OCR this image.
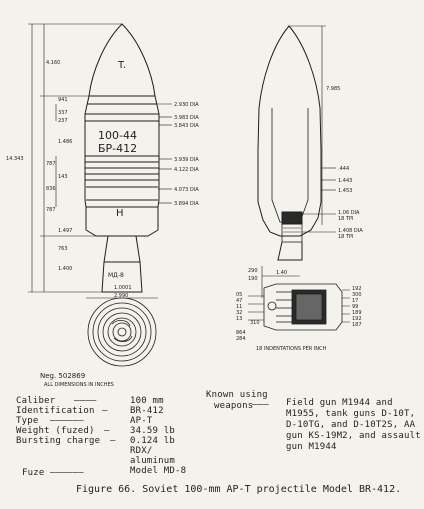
T.
100-44
БР-412
H
MД-8
1.0001
4.160
941
337
237
1.486
14.343
787
143
836
787
1.497
763
1.400
2.990
2.930 DIA
3.983 DIA
3.843 DIA
3.939 DIA
4.122 DIA
4.073 DIA
3.894 DIA
7.985
.444
1.443
1.453
1.06 DIA
18 TPI
1.408 DIA
18 TPI
290
190
1.40
05
47
11
32
13
310
864
284
192
300
17
99
189
192
187
18 INDENTATIONS PER INCH
Neg. 502869
ALL DIMENSIONS IN INCHES
Caliber ――――	100 mm
Identification ― BR-412
Type ――――――	AP-T
Weight (fuzed) ― 34.59 lb
Bursting charge ― 0.124 lb
RDX/
aluminum
Fuze ――――――	Model MD-8
Known using
weapons
――― Field gun M1944 and
M1955, tank guns D-10T,
D-10TG, and D-10T2S, AA
gun KS-19M2, and assault
gun M1944
Figure 66. Soviet 100-mm AP-T projectile Model BR-412.
